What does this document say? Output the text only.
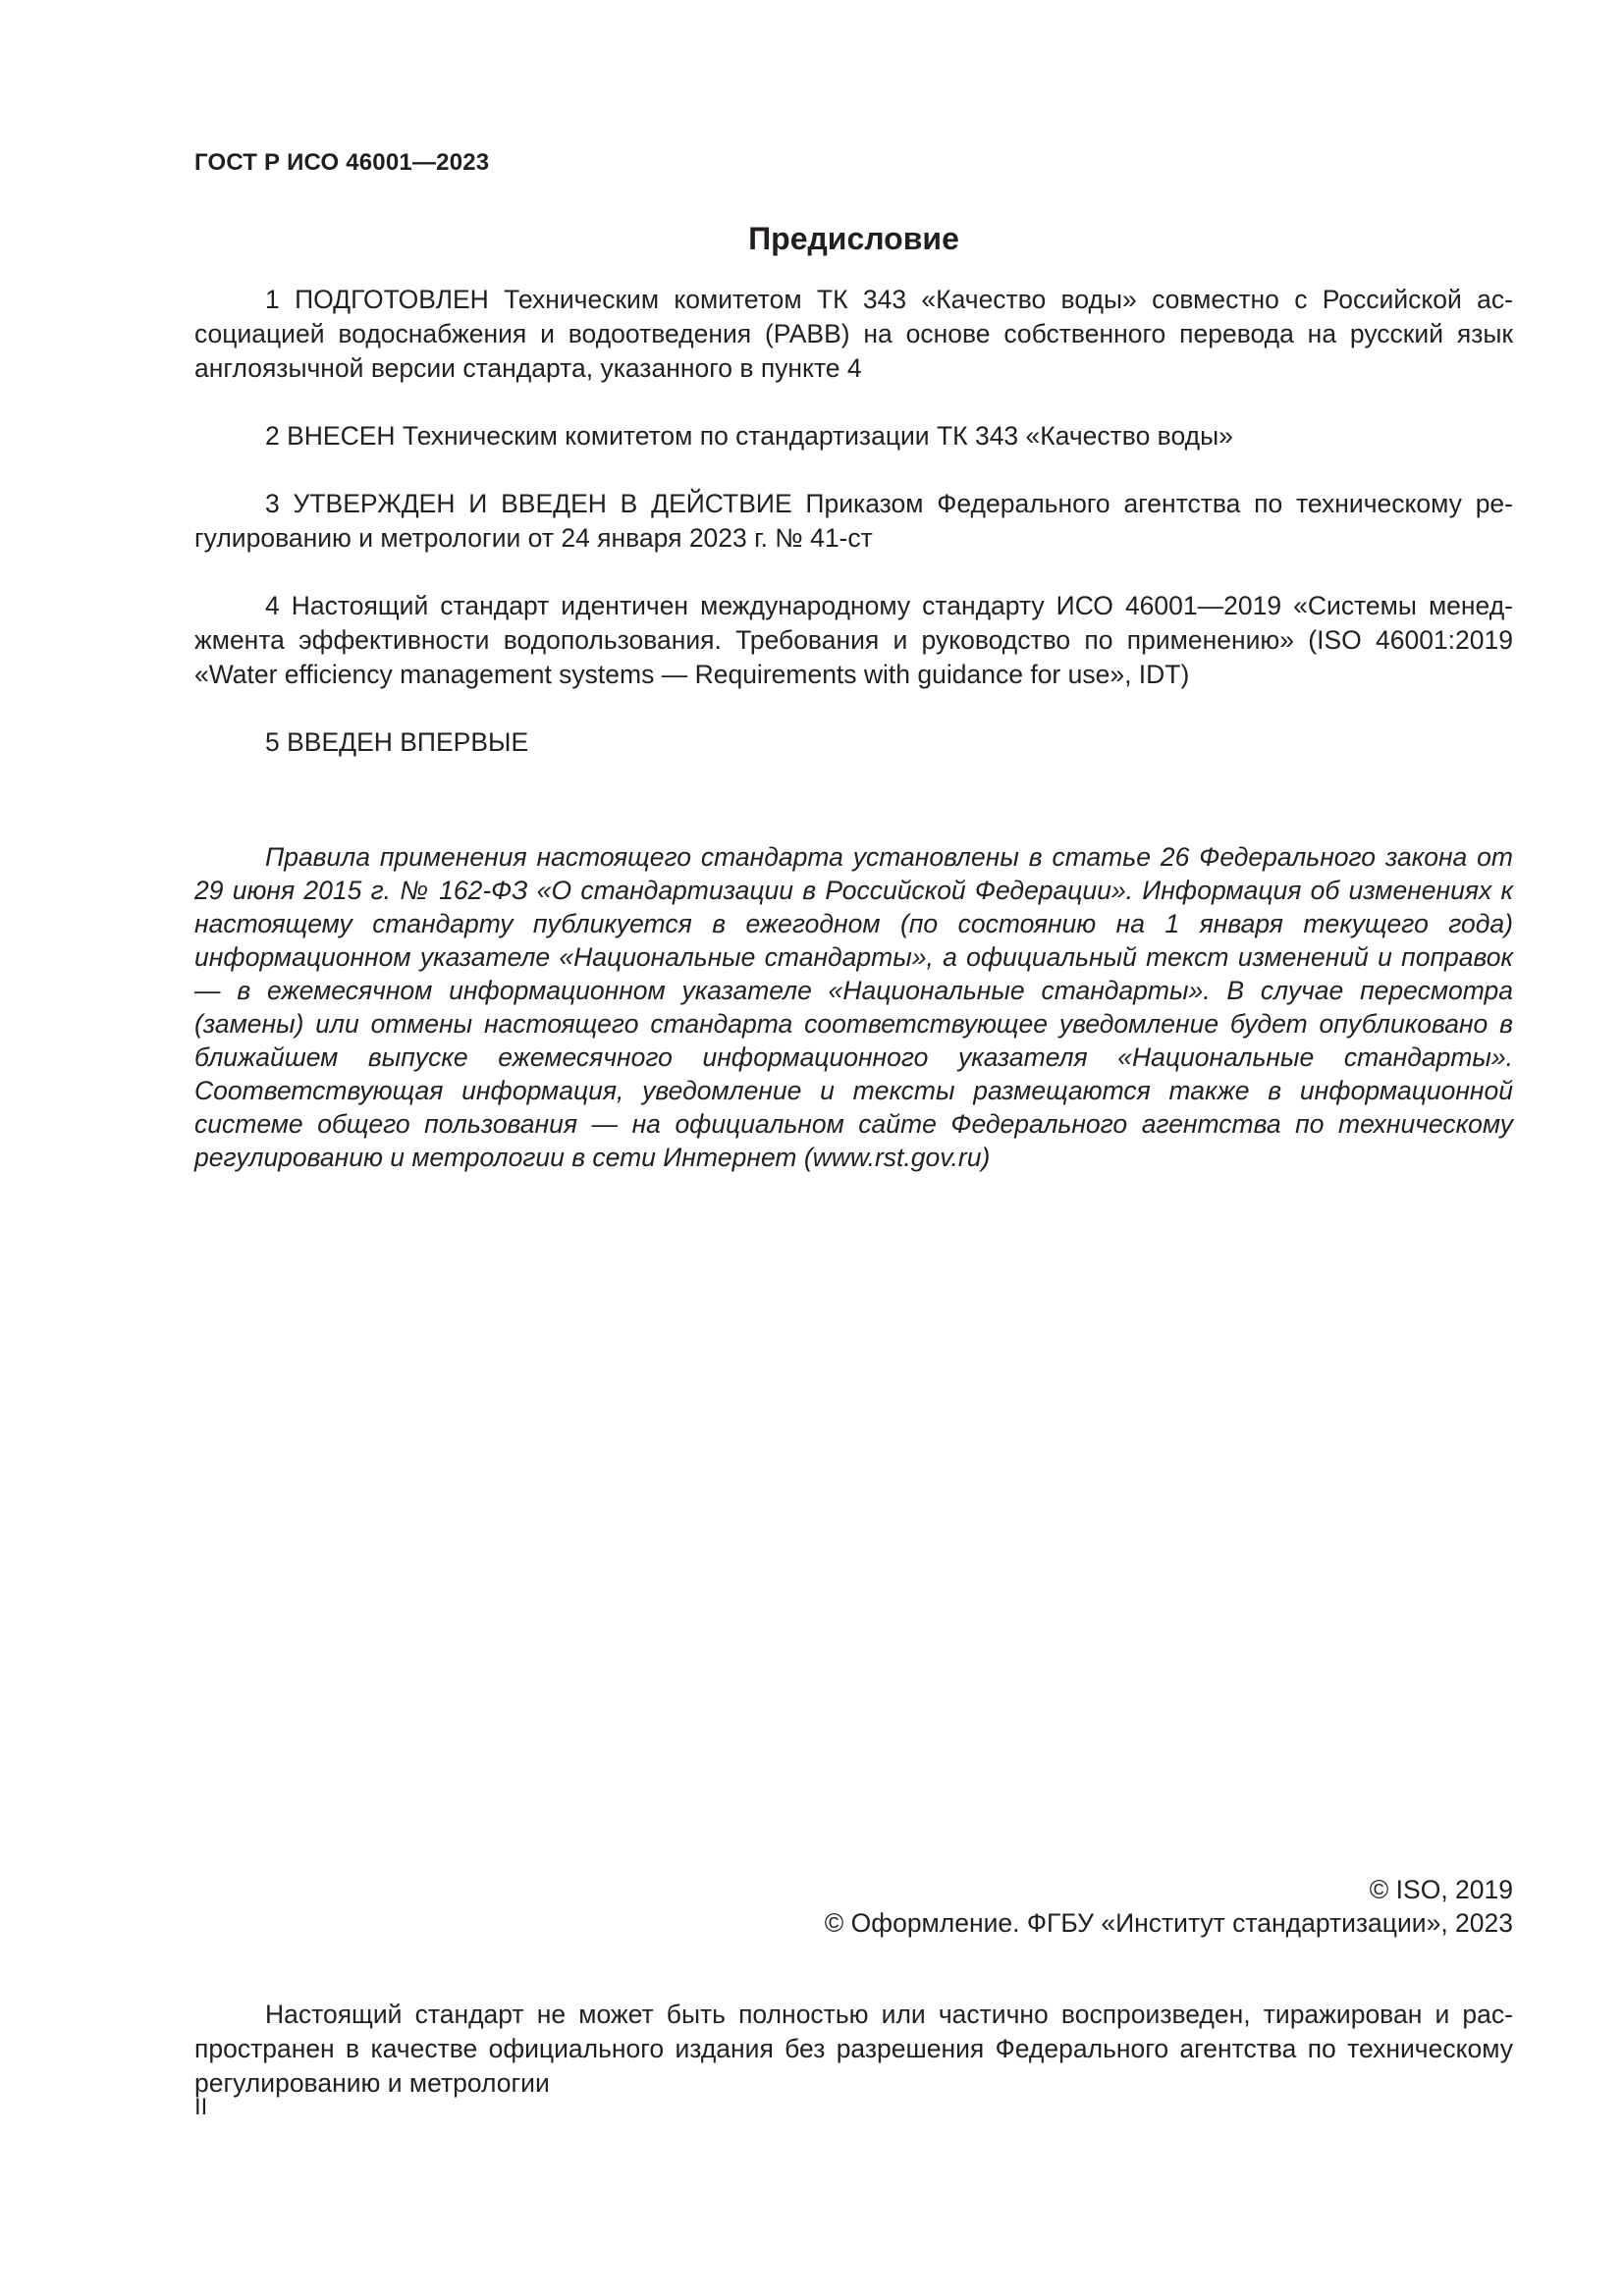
ГОСТ Р ИСО 46001—2023
Предисловие

1 ПОДГОТОВЛЕН Техническим комитетом ТК 343 «Качество воды» совместно с Российской ассоциацией водоснабжения и водоотведения (РАВВ) на основе собственного перевода на русский язык англоязычной версии стандарта, указанного в пункте 4

2 ВНЕСЕН Техническим комитетом по стандартизации ТК 343 «Качество воды»

3 УТВЕРЖДЕН И ВВЕДЕН В ДЕЙСТВИЕ Приказом Федерального агентства по техническому регулированию и метрологии от 24 января 2023 г. № 41-ст

4 Настоящий стандарт идентичен международному стандарту ИСО 46001—2019 «Системы менеджмента эффективности водопользования. Требования и руководство по применению» (ISO 46001:2019 «Water efficiency management systems — Requirements with guidance for use», IDT)

5 ВВЕДЕН ВПЕРВЫЕ

Правила применения настоящего стандарта установлены в статье 26 Федерального закона от 29 июня 2015 г. № 162-ФЗ «О стандартизации в Российской Федерации». Информация об изменениях к настоящему стандарту публикуется в ежегодном (по состоянию на 1 января текущего года) информационном указателе «Национальные стандарты», а официальный текст изменений и поправок — в ежемесячном информационном указателе «Национальные стандарты». В случае пересмотра (замены) или отмены настоящего стандарта соответствующее уведомление будет опубликовано в ближайшем выпуске ежемесячного информационного указателя «Национальные стандарты». Соответствующая информация, уведомление и тексты размещаются также в информационной системе общего пользования — на официальном сайте Федерального агентства по техническому регулированию и метрологии в сети Интернет (www.rst.gov.ru)

© ISO, 2019
© Оформление. ФГБУ «Институт стандартизации», 2023

Настоящий стандарт не может быть полностью или частично воспроизведен, тиражирован и распространен в качестве официального издания без разрешения Федерального агентства по техническому регулированию и метрологии

II
